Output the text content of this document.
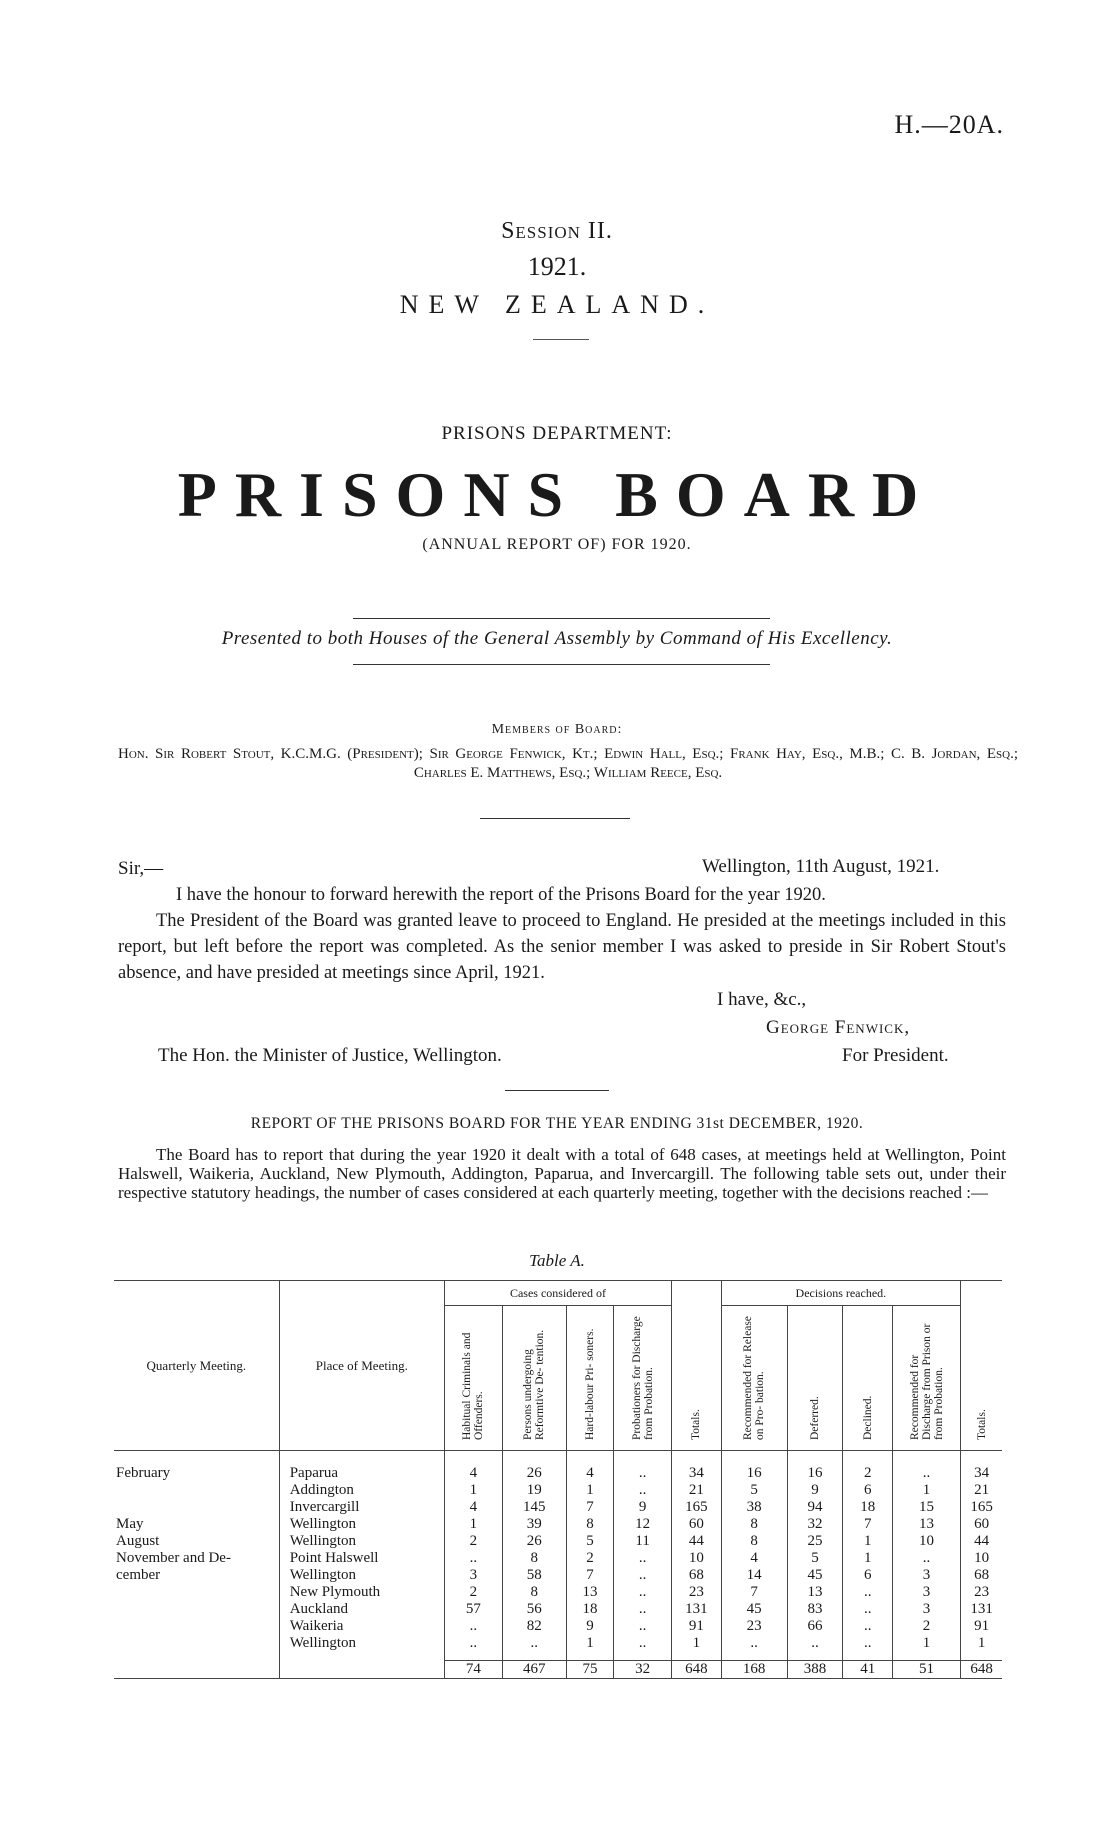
H.—20A.
Session II.
1921.
NEW ZEALAND.
PRISONS DEPARTMENT:
PRISONS BOARD
(ANNUAL REPORT OF) FOR 1920.
Presented to both Houses of the General Assembly by Command of His Excellency.
Members of Board:
Hon. Sir Robert Stout, K.C.M.G. (President); Sir George Fenwick, Kt.; Edwin Hall, Esq.; Frank Hay, Esq., M.B.; C. B. Jordan, Esq.; Charles E. Matthews, Esq.; William Reece, Esq.
Sir,—	Wellington, 11th August, 1921.
I have the honour to forward herewith the report of the Prisons Board for the year 1920.
The President of the Board was granted leave to proceed to England. He presided at the meetings included in this report, but left before the report was completed. As the senior member I was asked to preside in Sir Robert Stout's absence, and have presided at meetings since April, 1921.
I have, &c.,
George Fenwick,
The Hon. the Minister of Justice, Wellington.	For President.
REPORT OF THE PRISONS BOARD FOR THE YEAR ENDING 31st DECEMBER, 1920.
The Board has to report that during the year 1920 it dealt with a total of 648 cases, at meetings held at Wellington, Point Halswell, Waikeria, Auckland, New Plymouth, Addington, Paparua, and Invercargill. The following table sets out, under their respective statutory headings, the number of cases considered at each quarterly meeting, together with the decisions reached :—
Table A.
Quarterly Meeting.	Place of Meeting.	Cases considered of				Totals.	Decisions reached.				Totals.
		Habitual Criminals and Offenders.	Persons undergoing Reformtive De- tention.	Hard-labour Pri- soners.	Probationers for Discharge from Probation.		Recommended for Release on Pro- bation.	Deferred.	Declined.	Recommended for Discharge from Prison or from Probation.	
February	Paparua	4	26	4	..	34	16	16	2	..	34
	Addington	1	19	1	..	21	5	9	6	1	21
	Invercargill	4	145	7	9	165	38	94	18	15	165
May	Wellington	1	39	8	12	60	8	32	7	13	60
August	Wellington	2	26	5	11	44	8	25	1	10	44
November and De-	Point Halswell	..	8	2	..	10	4	5	1	..	10
cember	Wellington	3	58	7	..	68	14	45	6	3	68
	New Plymouth	2	8	13	..	23	7	13	..	3	23
	Auckland	57	56	18	..	131	45	83	..	3	131
	Waikeria	..	82	9	..	91	23	66	..	2	91
	Wellington	..	..	1	..	1	..	..	..	1	1

		74	467	75	32	648	168	388	41	51	648
